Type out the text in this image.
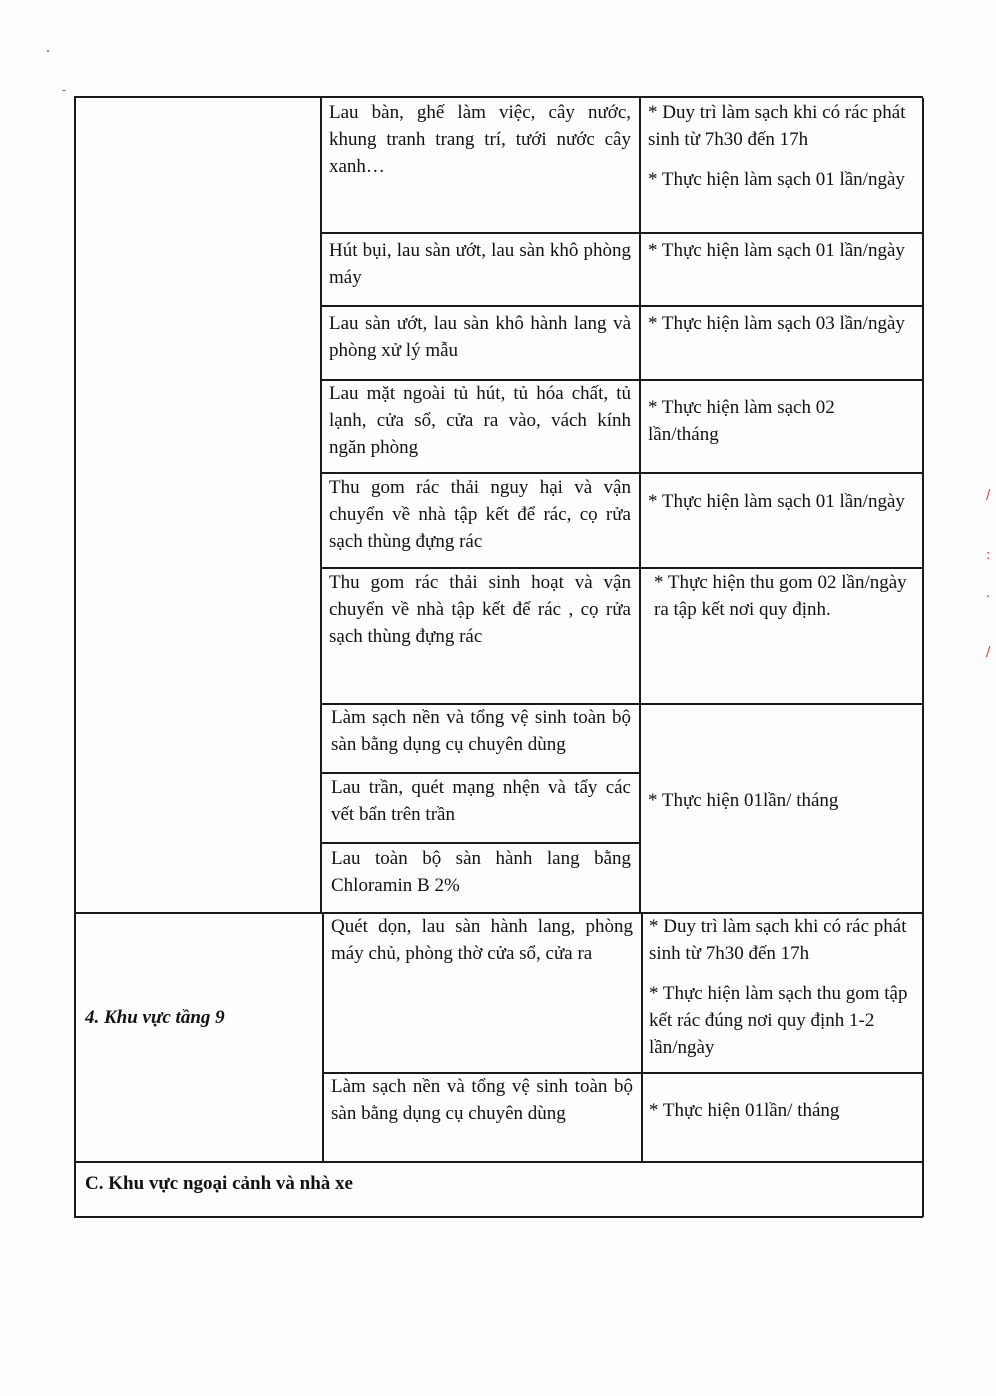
Lau bàn, ghế làm việc, cây nước, khung tranh trang trí, tưới nước cây xanh…

* Duy trì làm sạch khi có rác phát sinh từ 7h30 đến 17h

* Thực hiện làm sạch 01 lần/ngày

Hút bụi, lau sàn ướt, lau sàn khô phòng máy

* Thực hiện làm sạch 01 lần/ngày

Lau sàn ướt, lau sàn khô hành lang và phòng xử lý mẫu

* Thực hiện làm sạch 03 lần/ngày

Lau mặt ngoài tủ hút, tủ hóa chất, tủ lạnh, cửa sổ, cửa ra vào, vách kính ngăn phòng

* Thực hiện làm sạch 02 lần/tháng

Thu gom rác thải nguy hại và vận chuyển về nhà tập kết để rác, cọ rửa sạch thùng đựng rác

* Thực hiện làm sạch 01 lần/ngày

Thu gom rác thải sinh hoạt và vận chuyển về nhà tập kết để rác , cọ rửa sạch thùng đựng rác

* Thực hiện thu gom 02 lần/ngày ra tập kết nơi quy định.

Làm sạch nền và tổng vệ sinh toàn bộ sàn bằng dụng cụ chuyên dùng

Lau trần, quét mạng nhện và tẩy các vết bẩn trên trần

Lau toàn bộ sàn hành lang bằng Chloramin B 2%

* Thực hiện 01lần/ tháng

4. Khu vực tầng 9

Quét dọn, lau sàn hành lang, phòng máy chủ, phòng thờ cửa sổ, cửa ra

* Duy trì làm sạch khi có rác phát sinh từ 7h30 đến 17h

* Thực hiện làm sạch thu gom tập kết rác đúng nơi quy định 1-2 lần/ngày

Làm sạch nền và tổng vệ sinh toàn bộ sàn bằng dụng cụ chuyên dùng	* Thực hiện 01lần/ tháng

C. Khu vực ngoại cảnh và nhà xe
/
:
·
/
